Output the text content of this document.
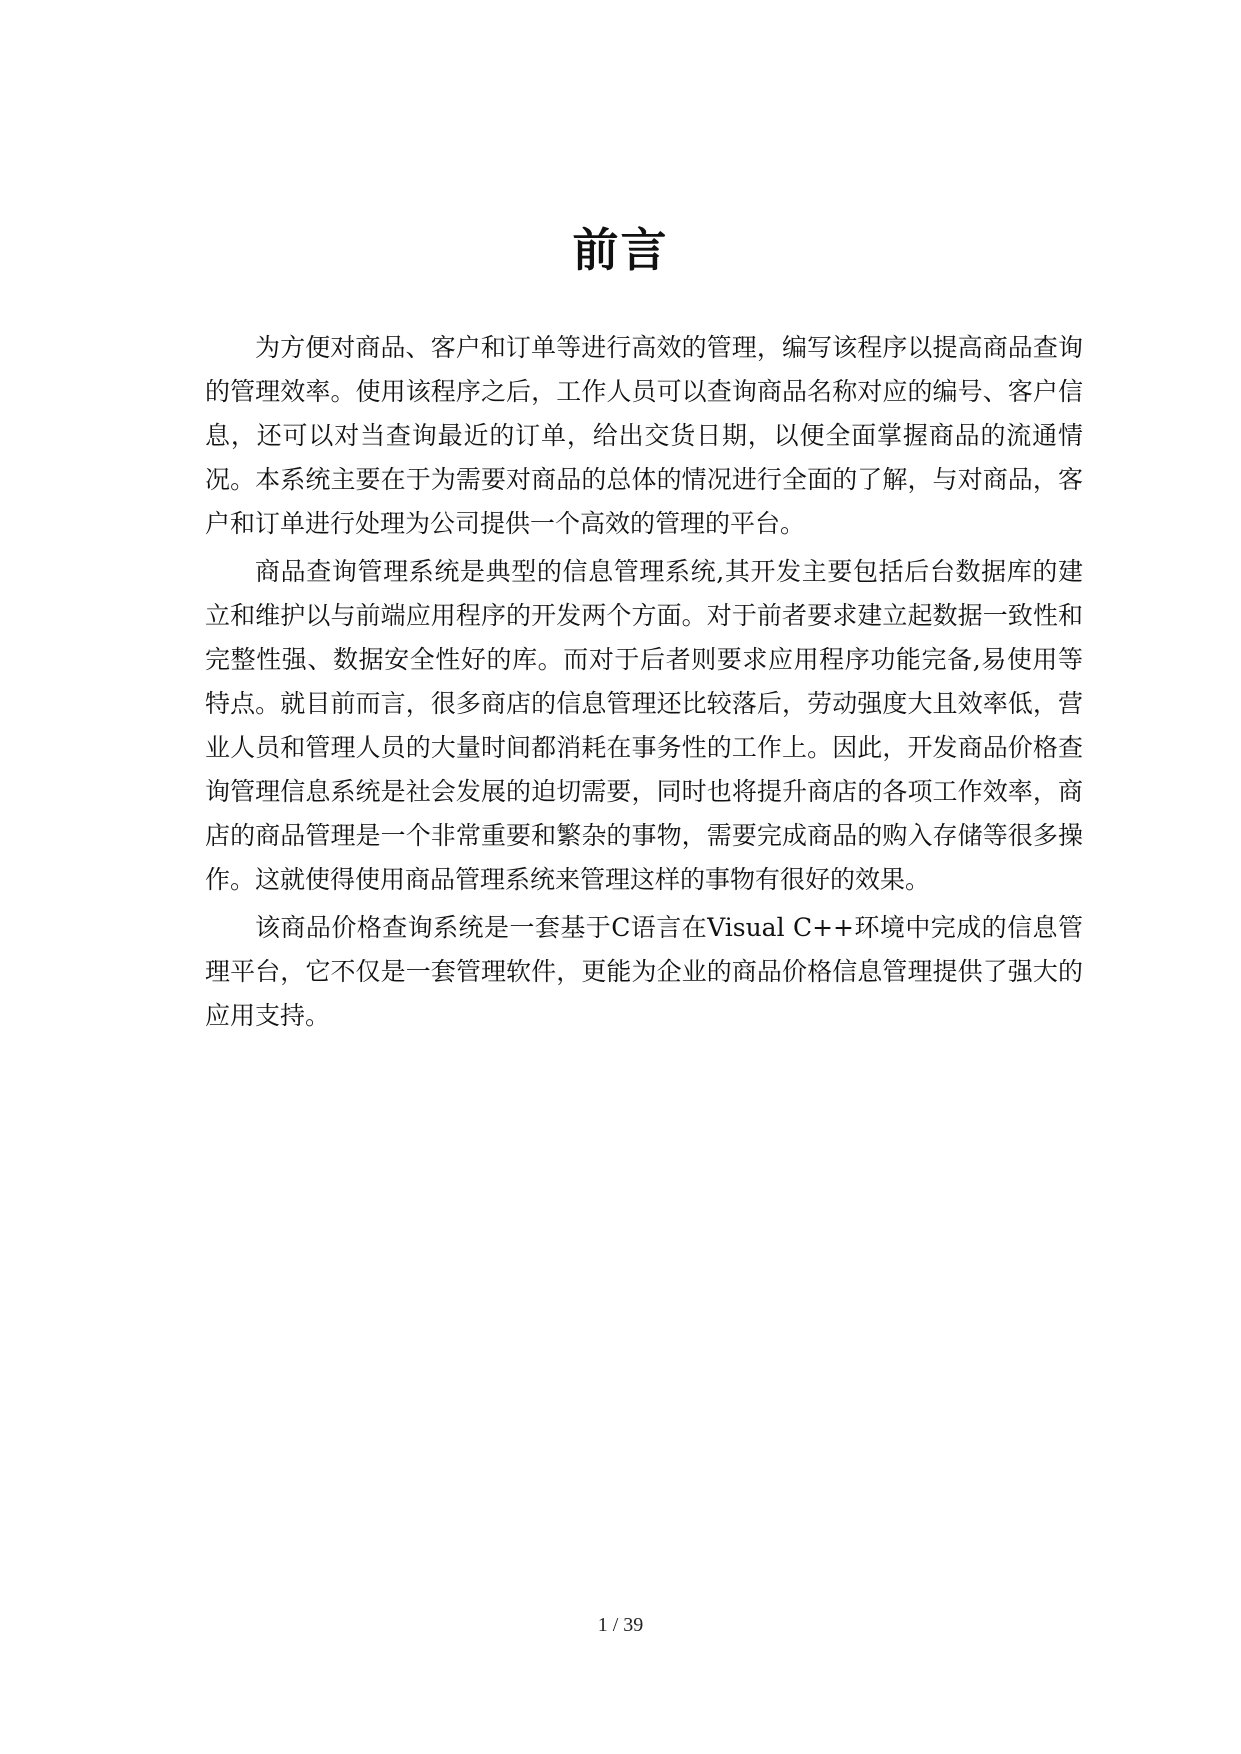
前言

为方便对商品、客户和订单等进行高效的管理，编写该程序以提高商品查询的管理效率。使用该程序之后，工作人员可以查询商品名称对应的编号、客户信息，还可以对当查询最近的订单，给出交货日期，以便全面掌握商品的流通情况。本系统主要在于为需要对商品的总体的情况进行全面的了解，与对商品，客户和订单进行处理为公司提供一个高效的管理的平台。

商品查询管理系统是典型的信息管理系统,其开发主要包括后台数据库的建立和维护以与前端应用程序的开发两个方面。对于前者要求建立起数据一致性和完整性强、数据安全性好的库。而对于后者则要求应用程序功能完备,易使用等特点。就目前而言，很多商店的信息管理还比较落后，劳动强度大且效率低，营业人员和管理人员的大量时间都消耗在事务性的工作上。因此，开发商品价格查询管理信息系统是社会发展的迫切需要，同时也将提升商店的各项工作效率，商店的商品管理是一个非常重要和繁杂的事物，需要完成商品的购入存储等很多操作。这就使得使用商品管理系统来管理这样的事物有很好的效果。

该商品价格查询系统是一套基于C语言在Visual C++环境中完成的信息管理平台，它不仅是一套管理软件，更能为企业的商品价格信息管理提供了强大的应用支持。

1 / 39
